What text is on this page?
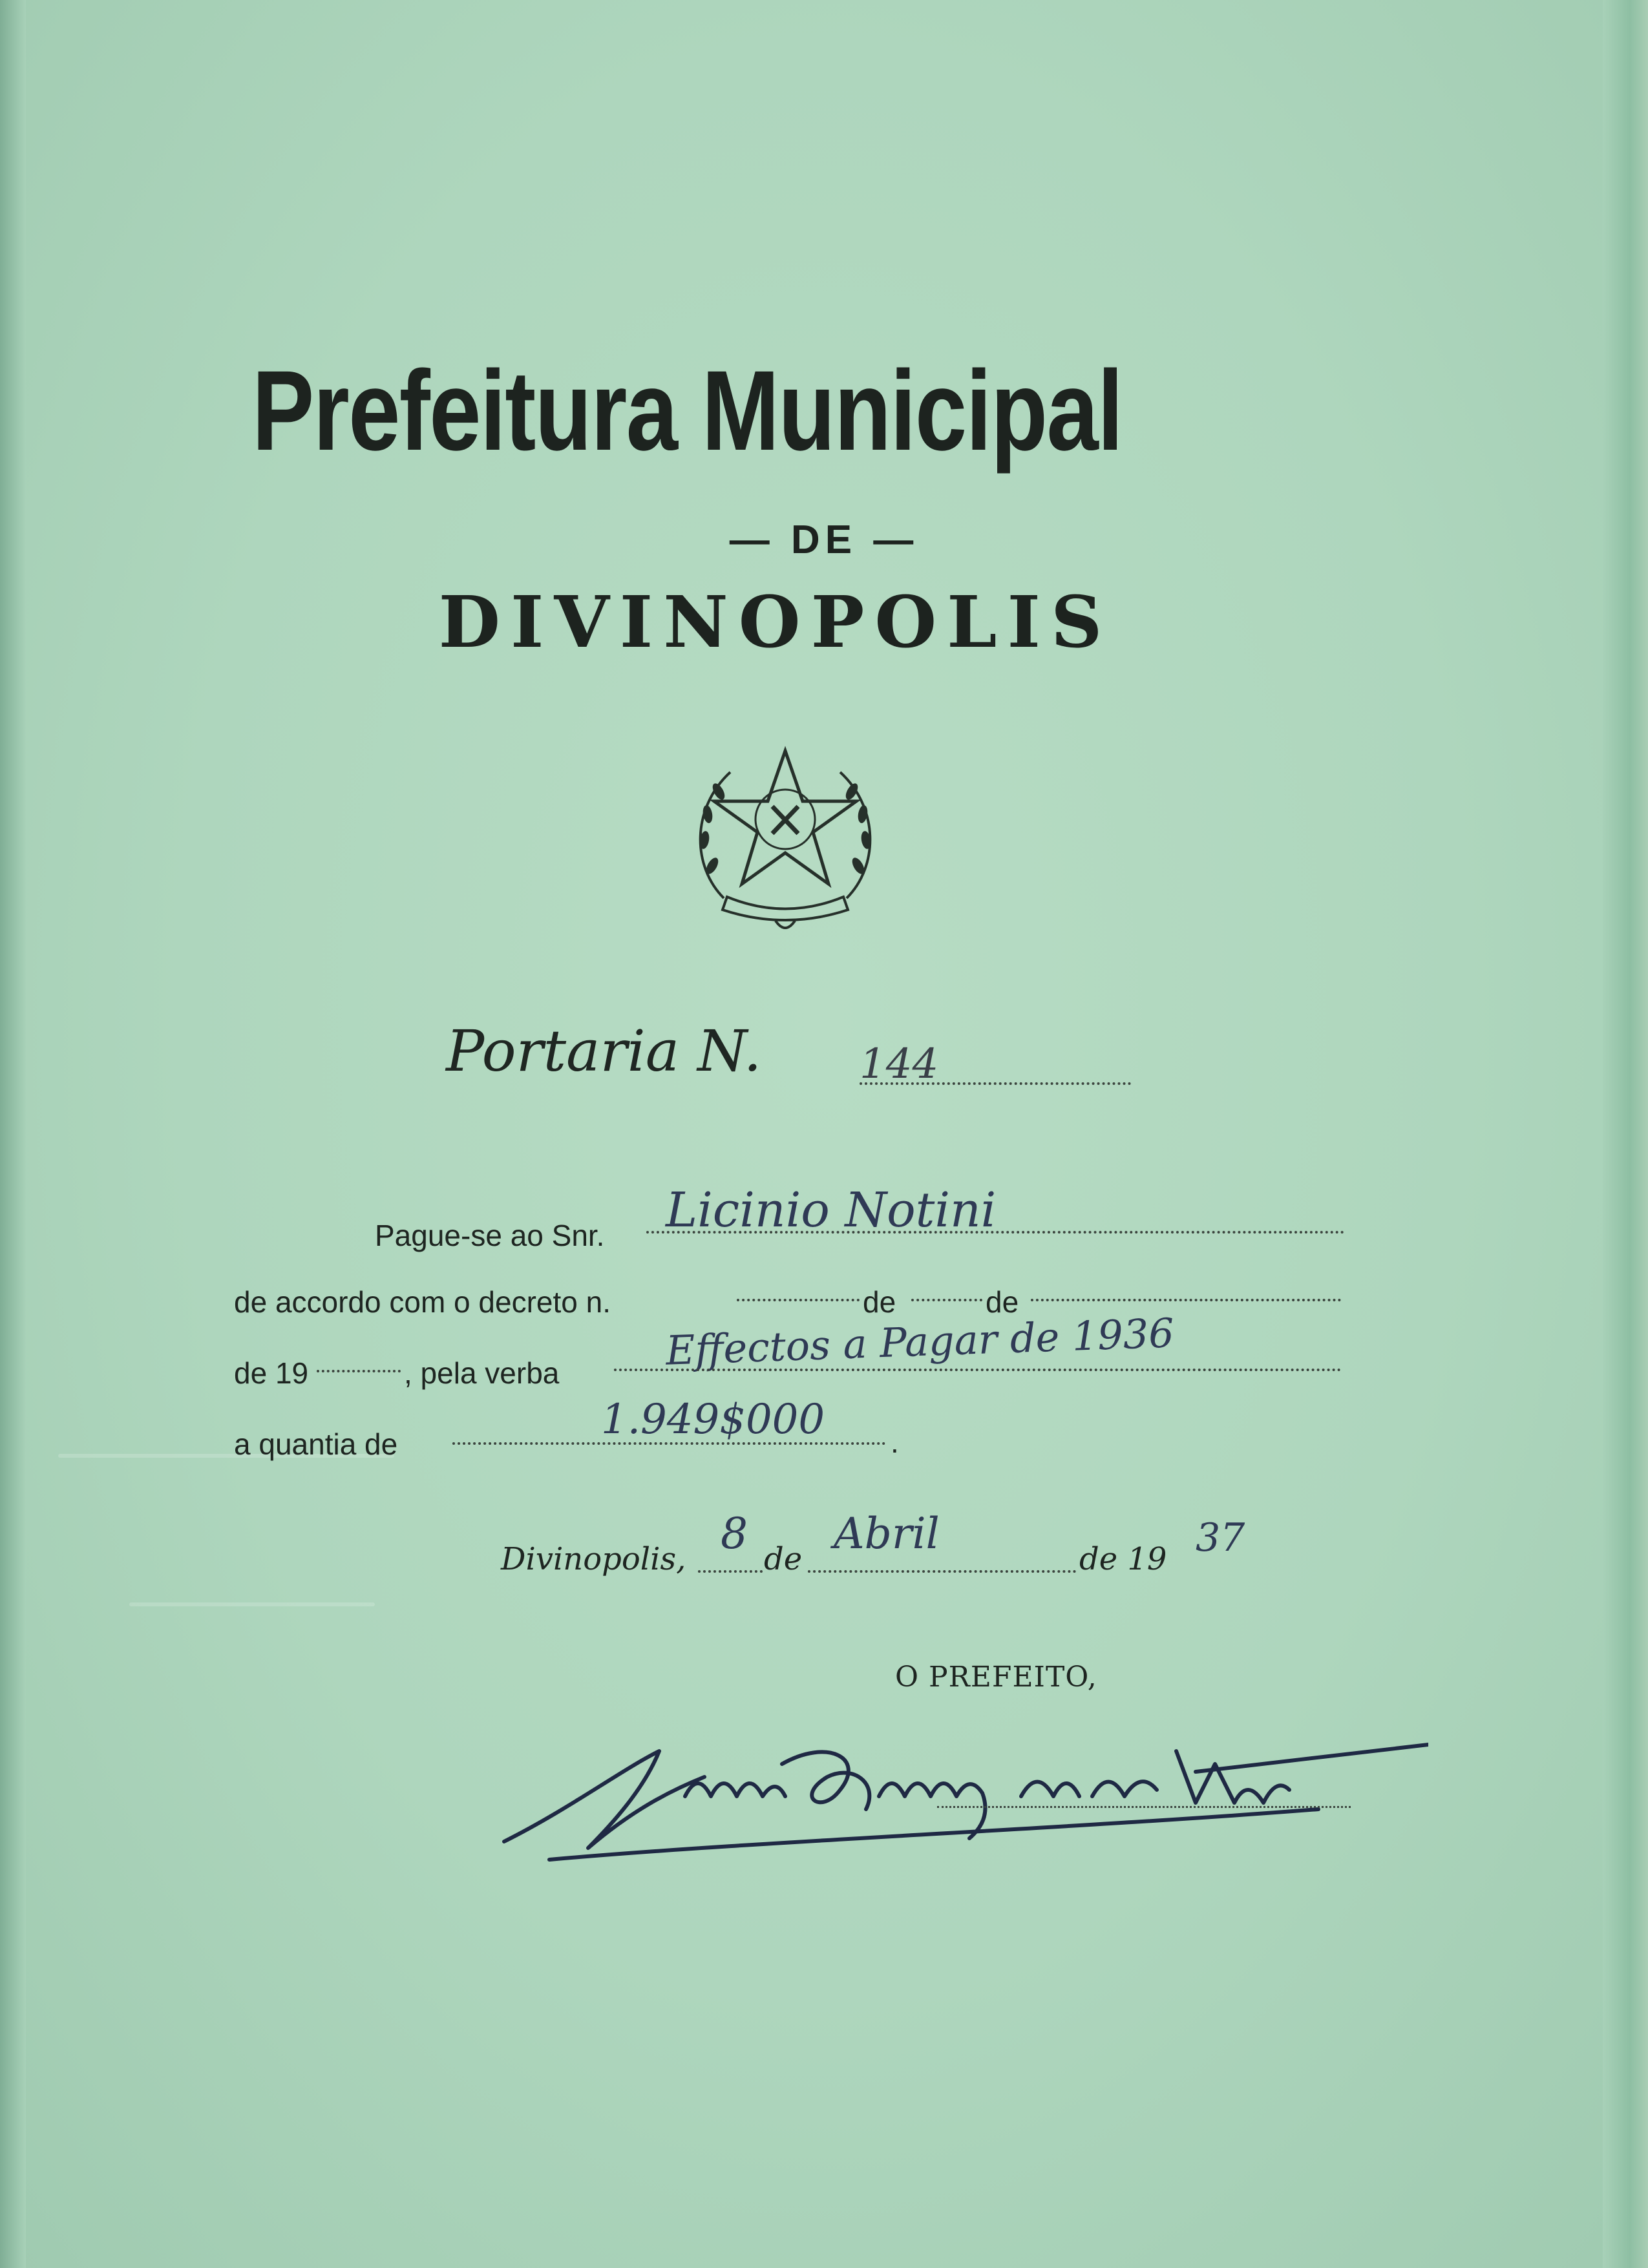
Prefeitura Municipal
— DE —
DIVINOPOLIS
Portaria N. 144
Pague-se ao Snr. Licinio Notini
de accordo com o decreto n.	de	de
de 19	, pela verba	Effectos a Pagar de 1936
a quantia de
1.949$000 .
Divinopolis,
8
de
Abril
de 19 37
O PREFEITO,
